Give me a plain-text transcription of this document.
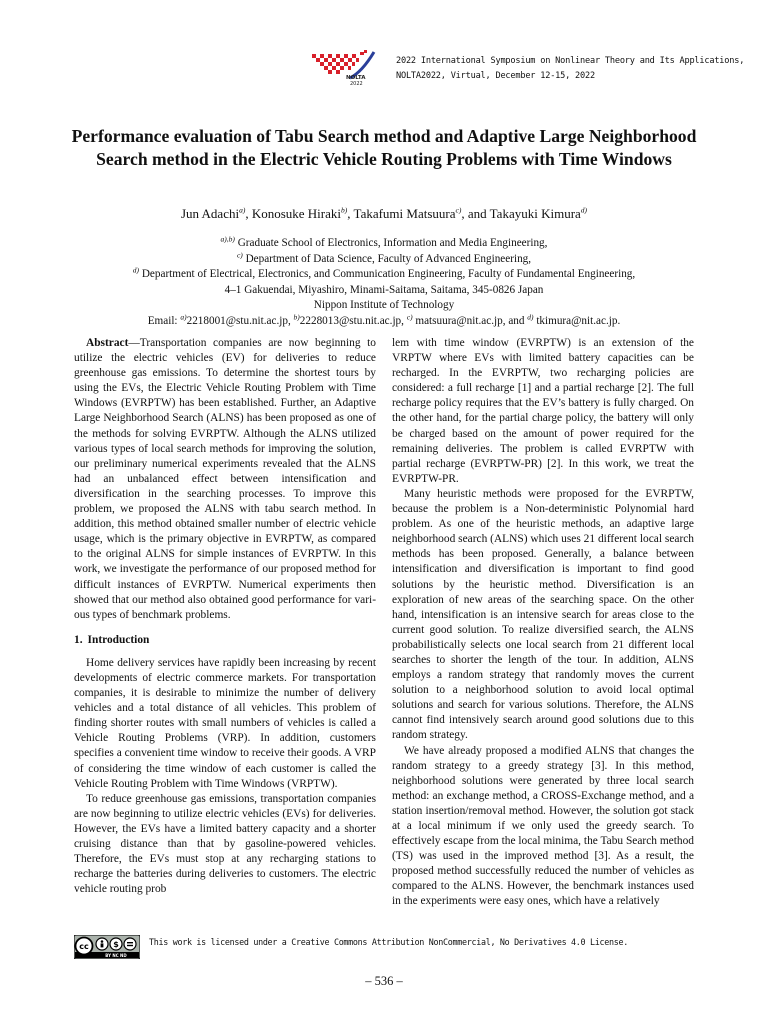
NOLTA
2022
2022 International Symposium on Nonlinear Theory and Its Applications,
NOLTA2022, Virtual, December 12-15, 2022
Performance evaluation of Tabu Search method and Adaptive Large Neighborhood Search method in the Electric Vehicle Routing Problems with Time Windows
Jun Adachi$^{a)}$, Konosuke Hiraki$^{b)}$, Takafumi Matsuura$^{c)}$, and Takayuki Kimura$^{d)}$
$^{a),b)}$ Graduate School of Electronics, Information and Media Engineering,
$^{c)}$ Department of Data Science, Faculty of Advanced Engineering,
$^{d)}$ Department of Electrical, Electronics, and Communication Engineering, Faculty of Fundamental Engineering,
4–1 Gakuendai, Miyashiro, Minami-Saitama, Saitama, 345-0826 Japan
Nippon Institute of Technology
Email: $^{a)}$2218001@stu.nit.ac.jp, $^{b)}$2228013@stu.nit.ac.jp, $^{c)}$ matsuura@nit.ac.jp, and $^{d)}$ tkimura@nit.ac.jp.

Abstract—Transportation companies are now beginning to utilize the electric vehicles (EV) for deliveries to reduce greenhouse gas emissions. To determine the shortest tours by using the EVs, the Electric Vehicle Routing Problem with Time Windows (EVRPTW) has been established. Further, an Adaptive Large Neighborhood Search (ALNS) has been proposed as one of the methods for solving EVRPTW. Although the ALNS utilized various types of local search methods for improving the solution, our preliminary numerical experiments revealed that the ALNS had an unbalanced effect between intensification and diversification in the searching processes. To improve this problem, we proposed the ALNS with tabu search method. In addition, this method obtained smaller number of electric vehicle usage, which is the primary objective in EVRPTW, as compared to the original ALNS for simple instances of EVRPTW. In this work, we investigate the performance of our proposed method for difficult instances of EVRPTW. Numerical experiments then showed that our method also obtained good performance for various types of benchmark problems.

1. Introduction

Home delivery services have rapidly been increasing by recent developments of electric commerce markets. For transportation companies, it is desirable to minimize the number of delivery vehicles and a total distance of all vehicles. This problem of finding shorter routes with small numbers of vehicles is called a Vehicle Routing Problems (VRP). In addition, customers specifies a convenient time window to receive their goods. A VRP of considering the time window of each customer is called the Vehicle Routing Problem with Time Windows (VRPTW).

To reduce greenhouse gas emissions, transportation companies are now beginning to utilize electric vehicles (EVs) for deliveries. However, the EVs have a limited battery capacity and a shorter cruising distance than that by gasoline-powered vehicles. Therefore, the EVs must stop at any recharging stations to recharge the batteries during deliveries to customers. The electric vehicle routing prob

lem with time window (EVRPTW) is an extension of the VRPTW where EVs with limited battery capacities can be recharged. In the EVRPTW, two recharging policies are considered: a full recharge [1] and a partial recharge [2]. The full recharge policy requires that the EV’s battery is fully charged. On the other hand, for the partial charge policy, the battery will only be charged based on the amount of power required for the remaining deliveries. The problem is called EVRPTW with partial recharge (EVRPTW-PR) [2]. In this work, we treat the EVRPTW-PR.

Many heuristic methods were proposed for the EVRPTW, because the problem is a Non-deterministic Polynomial hard problem. As one of the heuristic methods, an adaptive large neighborhood search (ALNS) which uses 21 different local search methods has been proposed. Generally, a balance between intensification and diversification is important to find good solutions by the heuristic method. Diversification is an exploration of new areas of the searching space. On the other hand, intensification is an intensive search for areas close to the current good solution. To realize diversified search, the ALNS probabilistically selects one local search from 21 different local searches to shorter the length of the tour. In addition, ALNS employs a random strategy that randomly moves the current solution to a neighborhood solution to avoid local optimal solutions and search for various solutions. Therefore, the ALNS cannot find intensively search around good solutions due to this random strategy.

We have already proposed a modified ALNS that changes the random strategy to a greedy strategy [3]. In this method, neighborhood solutions were generated by three local search method: an exchange method, a CROSS-Exchange method, and a station insertion/removal method. However, the solution got stack at a local minimum if we only used the greedy search. To effectively escape from the local minima, the Tabu Search method (TS) was used in the improved method [3]. As a result, the proposed method successfully reduced the number of vehicles as compared to the ALNS. However, the benchmark instances used in the experiments were easy ones, which have a relatively

cc	$
BY NC ND
This work is licensed under a Creative Commons Attribution NonCommercial, No Derivatives 4.0 License.
– 536 –
